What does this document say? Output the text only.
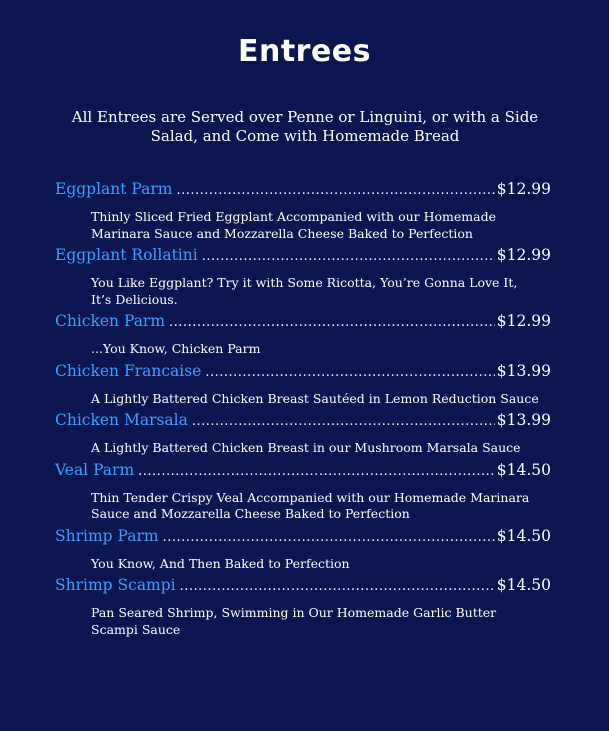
Entrees
All Entrees are Served over Penne or Linguini, or with a Side Salad, and Come with Homemade Bread
Eggplant Parm .....	$12.99
Thinly Sliced Fried Eggplant Accompanied with our Homemade Marinara Sauce and Mozzarella Cheese Baked to Perfection
Eggplant Rollatini .....	$12.99
You Like Eggplant? Try it with Some Ricotta, You’re Gonna Love It, It’s Delicious.
Chicken Parm .....	$12.99
...You Know, Chicken Parm
Chicken Francaise .....	$13.99
A Lightly Battered Chicken Breast Sautéed in Lemon Reduction Sauce
Chicken Marsala .....	$13.99
A Lightly Battered Chicken Breast in our Mushroom Marsala Sauce
Veal Parm .....	$14.50
Thin Tender Crispy Veal Accompanied with our Homemade Marinara Sauce and Mozzarella Cheese Baked to Perfection
Shrimp Parm .....	$14.50
You Know, And Then Baked to Perfection
Shrimp Scampi .....	$14.50
Pan Seared Shrimp, Swimming in Our Homemade Garlic Butter Scampi Sauce
